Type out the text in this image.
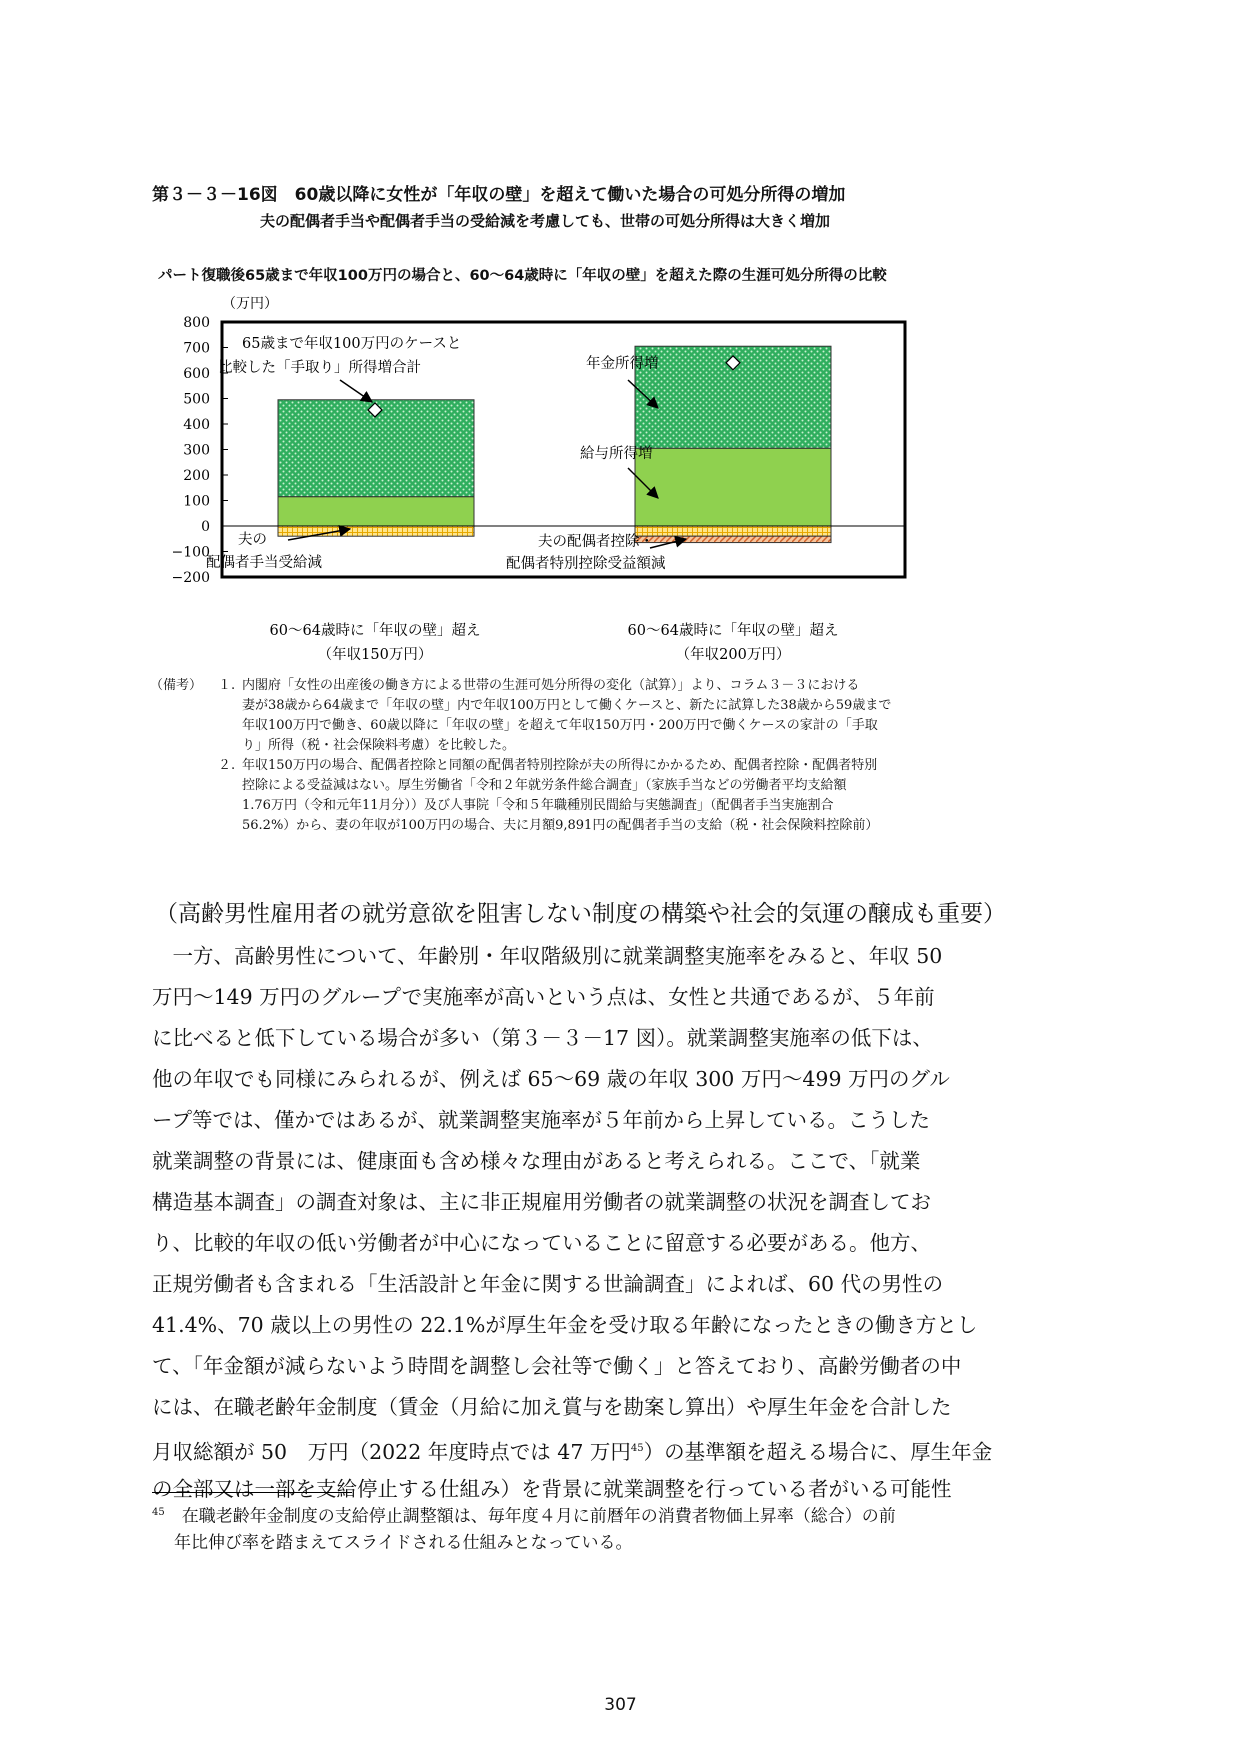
第３－３－16図　60歳以降に女性が「年収の壁」を超えて働いた場合の可処分所得の増加
夫の配偶者手当や配偶者手当の受給減を考慮しても、世帯の可処分所得は大きく増加
パート復職後65歳まで年収100万円の場合と、60～64歳時に「年収の壁」を超えた際の生涯可処分所得の比較
（万円）
800
700
600
500
400
300
200
100
0
−100
−200
65歳まで年収100万円のケースと
比較した「手取り」所得増合計	年金所得増
給与所得増
夫の
配偶者手当受給減
夫の配偶者控除・
配偶者特別控除受益額減
60～64歳時に「年収の壁」超え
（年収150万円）
60～64歳時に「年収の壁」超え
（年収200万円）
（備考）	１. 内閣府「女性の出産後の働き方による世帯の生涯可処分所得の変化（試算）」より、コラム３－３における
妻が38歳から64歳まで「年収の壁」内で年収100万円として働くケースと、新たに試算した38歳から59歳まで
年収100万円で働き、60歳以降に「年収の壁」を超えて年収150万円・200万円で働くケースの家計の「手取
り」所得（税・社会保険料考慮）を比較した。
２. 年収150万円の場合、配偶者控除と同額の配偶者特別控除が夫の所得にかかるため、配偶者控除・配偶者特別
控除による受益減はない。厚生労働省「令和２年就労条件総合調査」（家族手当などの労働者平均支給額
1.76万円（令和元年11月分））及び人事院「令和５年職種別民間給与実態調査」（配偶者手当実施割合
56.2%）から、妻の年収が100万円の場合、夫に月額9,891円の配偶者手当の支給（税・社会保険料控除前）
（高齢男性雇用者の就労意欲を阻害しない制度の構築や社会的気運の醸成も重要）
　一方、高齢男性について、年齢別・年収階級別に就業調整実施率をみると、年収 50
万円～149 万円のグループで実施率が高いという点は、女性と共通であるが、５年前
に比べると低下している場合が多い（第３－３－17 図）。就業調整実施率の低下は、
他の年収でも同様にみられるが、例えば 65～69 歳の年収 300 万円～499 万円のグル
ープ等では、僅かではあるが、就業調整実施率が５年前から上昇している。こうした
就業調整の背景には、健康面も含め様々な理由があると考えられる。ここで、「就業
構造基本調査」の調査対象は、主に非正規雇用労働者の就業調整の状況を調査してお
り、比較的年収の低い労働者が中心になっていることに留意する必要がある。他方、
正規労働者も含まれる「生活設計と年金に関する世論調査」によれば、60 代の男性の
41.4%、70 歳以上の男性の 22.1%が厚生年金を受け取る年齢になったときの働き方とし
て、「年金額が減らないよう時間を調整し会社等で働く」と答えており、高齢労働者の中
には、在職老齢年金制度（賃金（月給に加え賞与を勘案し算出）や厚生年金を合計した
月収総額が 50　万円（2022 年度時点では 47 万円$^{45}$）の基準額を超える場合に、厚生年金
の全部又は一部を支給停止する仕組み）を背景に就業調整を行っている者がいる可能性
$^{45}$　 在職老齢年金制度の支給停止調整額は、毎年度４月に前暦年の消費者物価上昇率（総合）の前
年比伸び率を踏まえてスライドされる仕組みとなっている。
307
